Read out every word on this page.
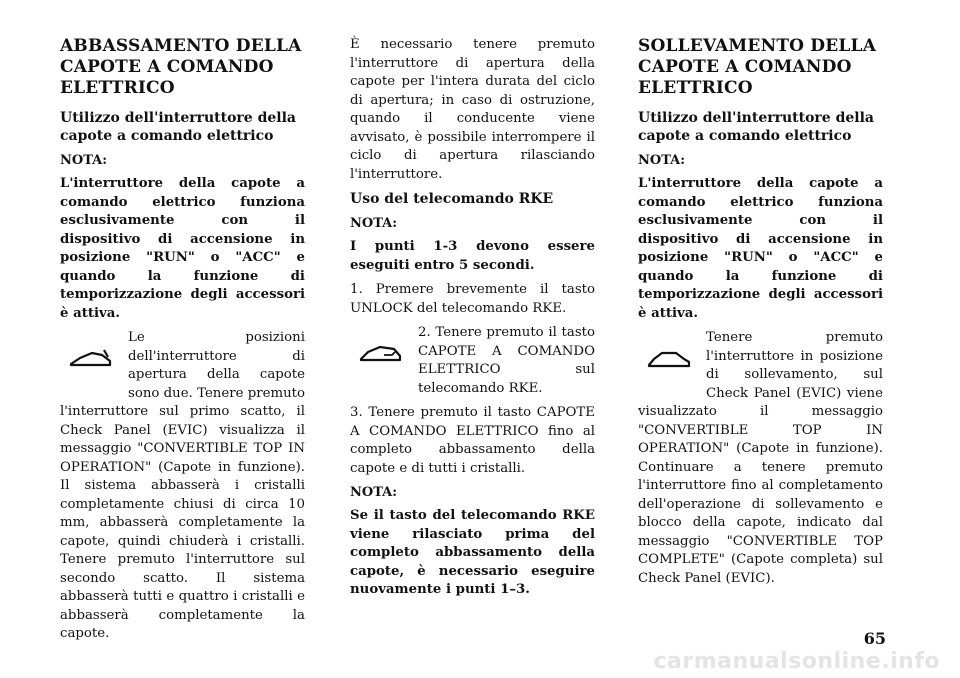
ABBASSAMENTO DELLA CAPOTE A COMANDO ELETTRICO
Utilizzo dell'interruttore della capote a comando elettrico
NOTA:
L'interruttore della capote a comando elettrico funziona esclusivamente con il dispositivo di accensione in posizione "RUN" o "ACC" e quando la funzione di temporizzazione degli accessori è attiva.
Le posizioni dell'interruttore di apertura della capote sono due. Tenere premuto l'interruttore sul primo scatto, il Check Panel (EVIC) visualizza il messaggio "CONVERTIBLE TOP IN OPERATION" (Capote in funzione). Il sistema abbasserà i cristalli completamente chiusi di circa 10 mm, abbasserà completamente la capote, quindi chiuderà i cristalli. Tenere premuto l'interruttore sul secondo scatto. Il sistema abbasserà tutti e quattro i cristalli e abbasserà completamente la capote.
È necessario tenere premuto l'interruttore di apertura della capote per l'intera durata del ciclo di apertura; in caso di ostruzione, quando il conducente viene avvisato, è possibile interrompere il ciclo di apertura rilasciando l'interruttore.
Uso del telecomando RKE
NOTA:
I punti 1-3 devono essere eseguiti entro 5 secondi.
1. Premere brevemente il tasto UNLOCK del telecomando RKE.
2. Tenere premuto il tasto CAPOTE A COMANDO ELETTRICO sul telecomando RKE.
3. Tenere premuto il tasto CAPOTE A COMANDO ELETTRICO fino al completo abbassamento della capote e di tutti i cristalli.
NOTA:
Se il tasto del telecomando RKE viene rilasciato prima del completo abbassamento della capote, è necessario eseguire nuovamente i punti 1–3.
SOLLEVAMENTO DELLA CAPOTE A COMANDO ELETTRICO
Utilizzo dell'interruttore della capote a comando elettrico
NOTA:
L'interruttore della capote a comando elettrico funziona esclusivamente con il dispositivo di accensione in posizione "RUN" o "ACC" e quando la funzione di temporizzazione degli accessori è attiva.
Tenere premuto l'interruttore in posizione di sollevamento, sul Check Panel (EVIC) viene visualizzato il messaggio "CONVERTIBLE TOP IN OPERATION" (Capote in funzione). Continuare a tenere premuto l'interruttore fino al completamento dell'operazione di sollevamento e blocco della capote, indicato dal messaggio "CONVERTIBLE TOP COMPLETE" (Capote completa) sul Check Panel (EVIC).
65
carmanualsonline.info
